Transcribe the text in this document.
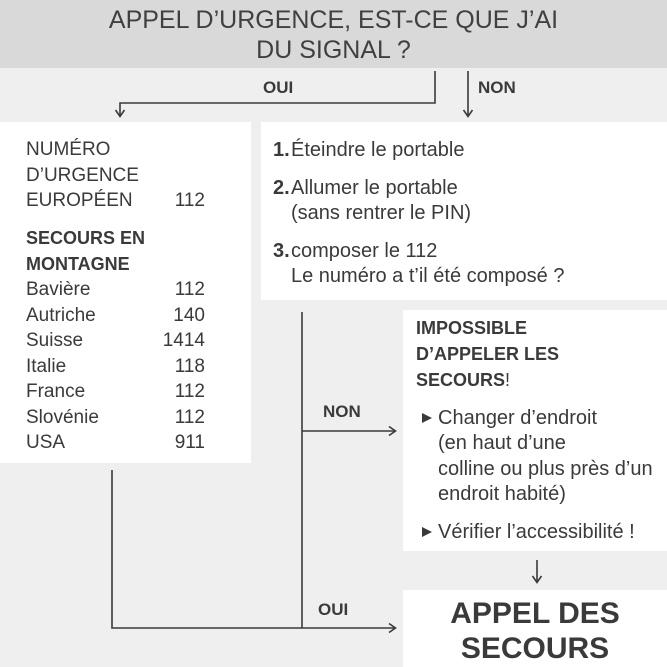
APPEL D’URGENCE, EST-CE QUE J’AI
DU SIGNAL ?
OUI	NON
NON
OUI
NUMÉRO
D’URGENCE
EUROPÉEN 112
SECOURS EN
MONTAGNE
Bavière	112
Autriche	140
Suisse	1414
Italie	118
France	112
Slovénie	112
USA	911
1. Éteindre le portable
2. Allumer le portable
(sans rentrer le PIN)
3. composer le 112
Le numéro a t’il été composé ?
IMPOSSIBLE
D’APPELER LES
SECOURS!
Changer d’endroit
(en haut d’une
colline ou plus près d’un
endroit habité)
Vérifier l’accessibilité !
APPEL DES
SECOURS
